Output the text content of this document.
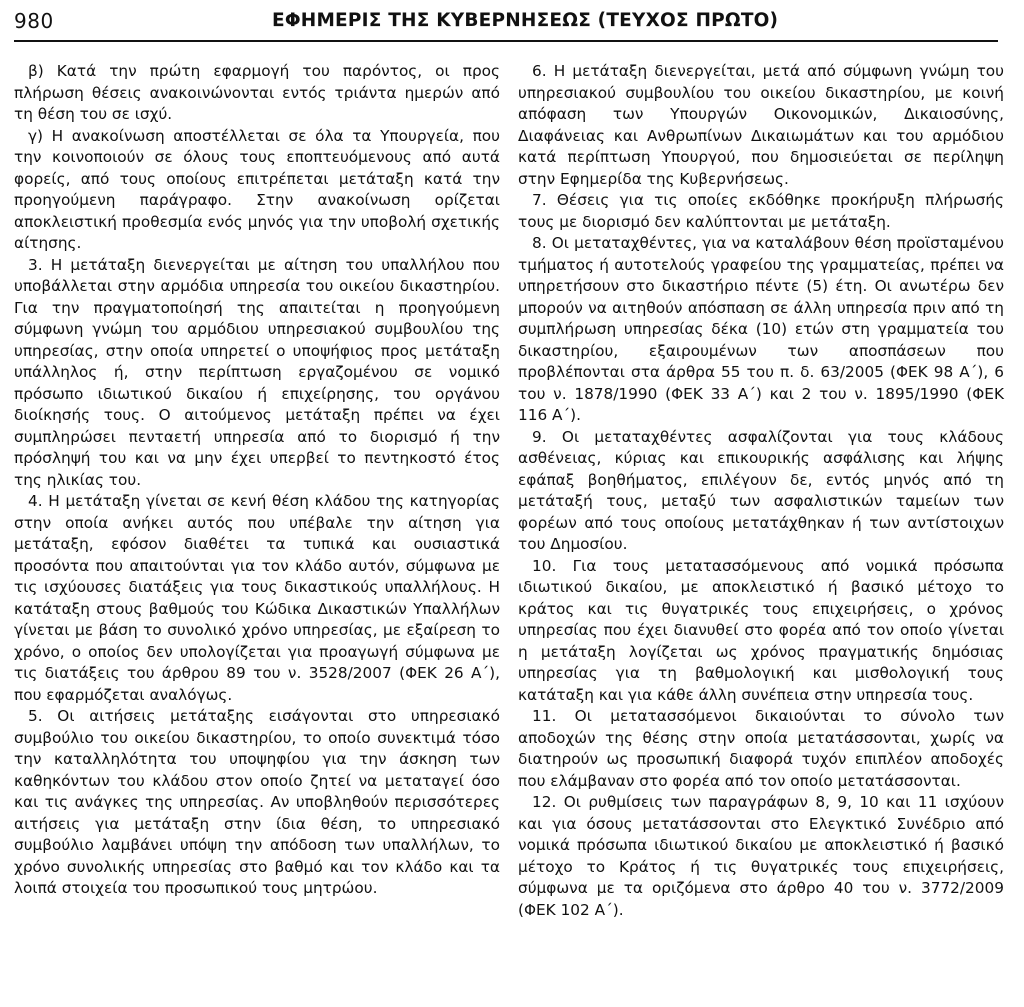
980	ΕΦΗΜΕΡΙΣ ΤΗΣ ΚΥΒΕΡΝΗΣΕΩΣ (ΤΕΥΧΟΣ ΠΡΩΤΟ)

β) Κατά την πρώτη εφαρμογή του παρόντος, οι προς πλήρωση θέσεις ανακοινώνονται εντός τριάντα ημερών από τη θέση του σε ισχύ.

γ) Η ανακοίνωση αποστέλλεται σε όλα τα Υπουργεία, που την κοινοποιούν σε όλους τους εποπτευόμενους από αυτά φορείς, από τους οποίους επιτρέπεται μετάταξη κατά την προηγούμενη παράγραφο. Στην ανακοίνωση ορίζεται αποκλειστική προθεσμία ενός μηνός για την υποβολή σχετικής αίτησης.

3. Η μετάταξη διενεργείται με αίτηση του υπαλλήλου που υποβάλλεται στην αρμόδια υπηρεσία του οικείου δικαστηρίου. Για την πραγματοποίησή της απαιτείται η προηγούμενη σύμφωνη γνώμη του αρμόδιου υπηρεσιακού συμβουλίου της υπηρεσίας, στην οποία υπηρετεί ο υποψήφιος προς μετάταξη υπάλληλος ή, στην περίπτωση εργαζομένου σε νομικό πρόσωπο ιδιωτικού δικαίου ή επιχείρησης, του οργάνου διοίκησής τους. Ο αιτούμενος μετάταξη πρέπει να έχει συμπληρώσει πενταετή υπηρεσία από το διορισμό ή την πρόσληψή του και να μην έχει υπερβεί το πεντηκοστό έτος της ηλικίας του.

4. Η μετάταξη γίνεται σε κενή θέση κλάδου της κατηγορίας στην οποία ανήκει αυτός που υπέβαλε την αίτηση για μετάταξη, εφόσον διαθέτει τα τυπικά και ουσιαστικά προσόντα που απαιτούνται για τον κλάδο αυτόν, σύμφωνα με τις ισχύουσες διατάξεις για τους δικαστικούς υπαλλήλους. Η κατάταξη στους βαθμούς του Κώδικα Δικαστικών Υπαλλήλων γίνεται με βάση το συνολικό χρόνο υπηρεσίας, με εξαίρεση το χρόνο, ο οποίος δεν υπολογίζεται για προαγωγή σύμφωνα με τις διατάξεις του άρθρου 89 του ν. 3528/2007 (ΦΕΚ 26 Α΄), που εφαρμόζεται αναλόγως.

5. Οι αιτήσεις μετάταξης εισάγονται στο υπηρεσιακό συμβούλιο του οικείου δικαστηρίου, το οποίο συνεκτιμά τόσο την καταλληλότητα του υποψηφίου για την άσκηση των καθηκόντων του κλάδου στον οποίο ζητεί να μεταταγεί όσο και τις ανάγκες της υπηρεσίας. Αν υποβληθούν περισσότερες αιτήσεις για μετάταξη στην ίδια θέση, το υπηρεσιακό συμβούλιο λαμβάνει υπόψη την απόδοση των υπαλλήλων, το χρόνο συνολικής υπηρεσίας στο βαθμό και τον κλάδο και τα λοιπά στοιχεία του προσωπικού τους μητρώου.

6. Η μετάταξη διενεργείται, μετά από σύμφωνη γνώμη του υπηρεσιακού συμβουλίου του οικείου δικαστηρίου, με κοινή απόφαση των Υπουργών Οικονομικών, Δικαιοσύνης, Διαφάνειας και Ανθρωπίνων Δικαιωμάτων και του αρμόδιου κατά περίπτωση Υπουργού, που δημοσιεύεται σε περίληψη στην Εφημερίδα της Κυβερνήσεως.

7. Θέσεις για τις οποίες εκδόθηκε προκήρυξη πλήρωσής τους με διορισμό δεν καλύπτονται με μετάταξη.

8. Οι μεταταχθέντες, για να καταλάβουν θέση προϊσταμένου τμήματος ή αυτοτελούς γραφείου της γραμματείας, πρέπει να υπηρετήσουν στο δικαστήριο πέντε (5) έτη. Οι ανωτέρω δεν μπορούν να αιτηθούν απόσπαση σε άλλη υπηρεσία πριν από τη συμπλήρωση υπηρεσίας δέκα (10) ετών στη γραμματεία του δικαστηρίου, εξαιρουμένων των αποσπάσεων που προβλέπονται στα άρθρα 55 του π. δ. 63/2005 (ΦΕΚ 98 Α΄), 6 του ν. 1878/1990 (ΦΕΚ 33 Α΄) και 2 του ν. 1895/1990 (ΦΕΚ 116 Α΄).

9. Οι μεταταχθέντες ασφαλίζονται για τους κλάδους ασθένειας, κύριας και επικουρικής ασφάλισης και λήψης εφάπαξ βοηθήματος, επιλέγουν δε, εντός μηνός από τη μετάταξή τους, μεταξύ των ασφαλιστικών ταμείων των φορέων από τους οποίους μετατάχθηκαν ή των αντίστοιχων του Δημοσίου.

10. Για τους μετατασσόμενους από νομικά πρόσωπα ιδιωτικού δικαίου, με αποκλειστικό ή βασικό μέτοχο το κράτος και τις θυγατρικές τους επιχειρήσεις, ο χρόνος υπηρεσίας που έχει διανυθεί στο φορέα από τον οποίο γίνεται η μετάταξη λογίζεται ως χρόνος πραγματικής δημόσιας υπηρεσίας για τη βαθμολογική και μισθολογική τους κατάταξη και για κάθε άλλη συνέπεια στην υπηρεσία τους.

11. Οι μετατασσόμενοι δικαιούνται το σύνολο των αποδοχών της θέσης στην οποία μετατάσσονται, χωρίς να διατηρούν ως προσωπική διαφορά τυχόν επιπλέον αποδοχές που ελάμβαναν στο φορέα από τον οποίο μετατάσσονται.

12. Οι ρυθμίσεις των παραγράφων 8, 9, 10 και 11 ισχύουν και για όσους μετατάσσονται στο Ελεγκτικό Συνέδριο από νομικά πρόσωπα ιδιωτικού δικαίου με αποκλειστικό ή βασικό μέτοχο το Κράτος ή τις θυγατρικές τους επιχειρήσεις, σύμφωνα με τα οριζόμενα στο άρθρο 40 του ν. 3772/2009 (ΦΕΚ 102 Α΄).
